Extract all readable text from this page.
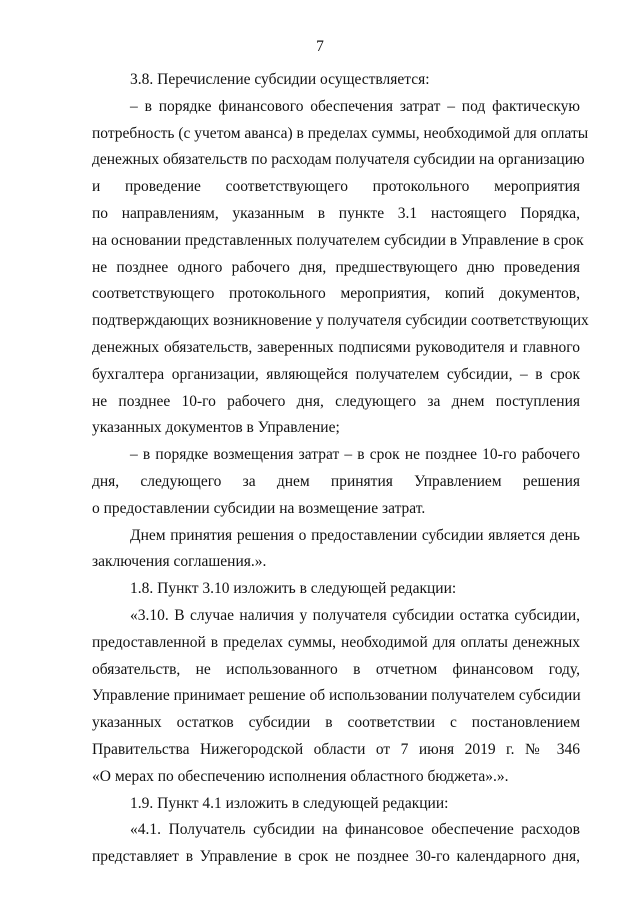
7
3.8. Перечисление субсидии осуществляется:
– в порядке финансового обеспечения затрат – под фактическую
потребность (с учетом аванса) в пределах суммы, необходимой для оплаты
денежных обязательств по расходам получателя субсидии на организацию
и проведение соответствующего протокольного мероприятия
по направлениям, указанным в пункте 3.1 настоящего Порядка,
на основании представленных получателем субсидии в Управление в срок
не позднее одного рабочего дня, предшествующего дню проведения
соответствующего протокольного мероприятия, копий документов,
подтверждающих возникновение у получателя субсидии соответствующих
денежных обязательств, заверенных подписями руководителя и главного
бухгалтера организации, являющейся получателем субсидии, – в срок
не позднее 10-го рабочего дня, следующего за днем поступления
указанных документов в Управление;
– в порядке возмещения затрат – в срок не позднее 10-го рабочего
дня, следующего за днем принятия Управлением решения
о предоставлении субсидии на возмещение затрат.
Днем принятия решения о предоставлении субсидии является день
заключения соглашения.».
1.8. Пункт 3.10 изложить в следующей редакции:
«3.10. В случае наличия у получателя субсидии остатка субсидии,
предоставленной в пределах суммы, необходимой для оплаты денежных
обязательств, не использованного в отчетном финансовом году,
Управление принимает решение об использовании получателем субсидии
указанных остатков субсидии в соответствии с постановлением
Правительства Нижегородской области от 7 июня 2019 г. № 346
«О мерах по обеспечению исполнения областного бюджета».».
1.9. Пункт 4.1 изложить в следующей редакции:
«4.1. Получатель субсидии на финансовое обеспечение расходов
представляет в Управление в срок не позднее 30-го календарного дня,
